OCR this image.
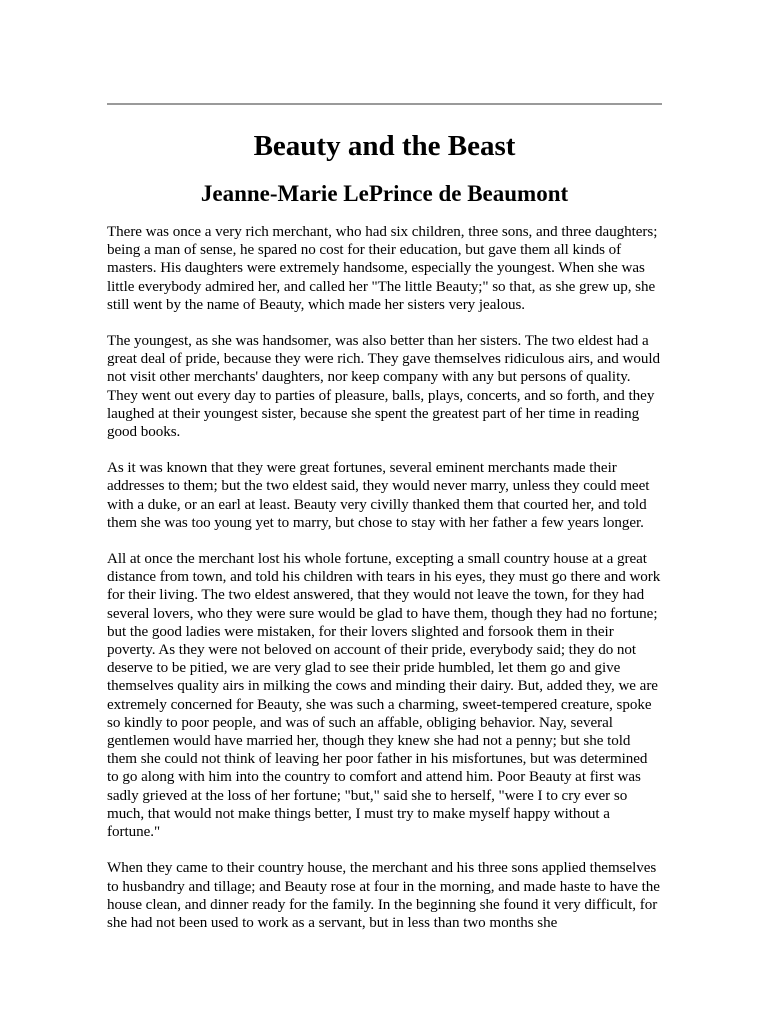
Beauty and the Beast
Jeanne-Marie LePrince de Beaumont

There was once a very rich merchant, who had six children, three sons, and three daughters; being a man of sense, he spared no cost for their education, but gave them all kinds of masters. His daughters were extremely handsome, especially the youngest. When she was little everybody admired her, and called her "The little Beauty;" so that, as she grew up, she still went by the name of Beauty, which made her sisters very jealous.

The youngest, as she was handsomer, was also better than her sisters. The two eldest had a great deal of pride, because they were rich. They gave themselves ridiculous airs, and would not visit other merchants' daughters, nor keep company with any but persons of quality. They went out every day to parties of pleasure, balls, plays, concerts, and so forth, and they laughed at their youngest sister, because she spent the greatest part of her time in reading good books.

As it was known that they were great fortunes, several eminent merchants made their addresses to them; but the two eldest said, they would never marry, unless they could meet with a duke, or an earl at least. Beauty very civilly thanked them that courted her, and told them she was too young yet to marry, but chose to stay with her father a few years longer.

All at once the merchant lost his whole fortune, excepting a small country house at a great distance from town, and told his children with tears in his eyes, they must go there and work for their living. The two eldest answered, that they would not leave the town, for they had several lovers, who they were sure would be glad to have them, though they had no fortune; but the good ladies were mistaken, for their lovers slighted and forsook them in their poverty. As they were not beloved on account of their pride, everybody said; they do not deserve to be pitied, we are very glad to see their pride humbled, let them go and give themselves quality airs in milking the cows and minding their dairy. But, added they, we are extremely concerned for Beauty, she was such a charming, sweet-tempered creature, spoke so kindly to poor people, and was of such an affable, obliging behavior. Nay, several gentlemen would have married her, though they knew she had not a penny; but she told them she could not think of leaving her poor father in his misfortunes, but was determined to go along with him into the country to comfort and attend him. Poor Beauty at first was sadly grieved at the loss of her fortune; "but," said she to herself, "were I to cry ever so much, that would not make things better, I must try to make myself happy without a fortune."

When they came to their country house, the merchant and his three sons applied themselves to husbandry and tillage; and Beauty rose at four in the morning, and made haste to have the house clean, and dinner ready for the family. In the beginning she found it very difficult, for she had not been used to work as a servant, but in less than two months she
